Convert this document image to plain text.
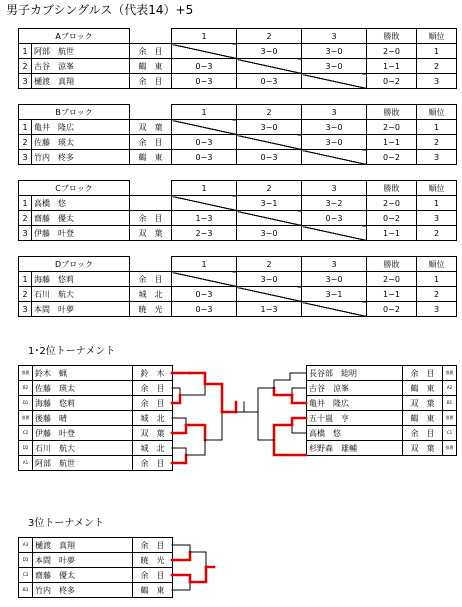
男子カブシングルス（代表14）+5
Aブロック			1	2	3	勝敗	順位
1	阿部　航世	余　目		3−0	3−0	2−0	1
2	古谷　涼峯	鶴　東	0−3		3−0	1−1	2
3	樋渡　真翔	余　目	0−3	0−3		0−2	3
Bブロック			1	2	3	勝敗	順位
1	亀井　隆広	双　葉		3−0	3−0	2−0	1
2	佐藤　瑛太	余　目	0−3		3−0	1−1	2
3	竹内　柊多	鶴　東	0−3	0−3		0−2	3
Cブロック			1	2	3	勝敗	順位
1	高橋　悠			3−1	3−2	2−0	1
2	齋藤　優太	余　目	1−3		0−3	0−2	3
3	伊藤　叶登	双　葉	2−3	3−0		1−1	2
Dブロック			1	2	3	勝敗	順位
1	海藤　悠莉	余　目		3−0	3−0	2−0	1
2	石川　航大	城　北	0−3		3−1	1−1	2
3	本間　叶夢	暁　光	0−3	1−3		0−2	3
1･2位トーナメント
推薦	鈴木　蝋	鈴　木
B2	佐藤　瑛太	余　目
D1	海藤　悠莉	余　目
推薦	後藤　晴	城　北
C2	伊藤　叶登	双　葉
D2	石川　航大	城　北
A1	阿部　航世	余　目
長谷部　総明	余　目	推薦
古谷　涼峯	鶴　東	A2
亀井　隆広	双　葉	B1
五十嵐　亨	鶴　東	推薦
高橋　悠	余　目	C1
杉野森　雄輔	双　葉	推薦
3位トーナメント
A3	樋渡　真翔	余　目
D3	本間　叶夢	暁　光
C3	齋藤　優太	余　目
B3	竹内　柊多	鶴　東
